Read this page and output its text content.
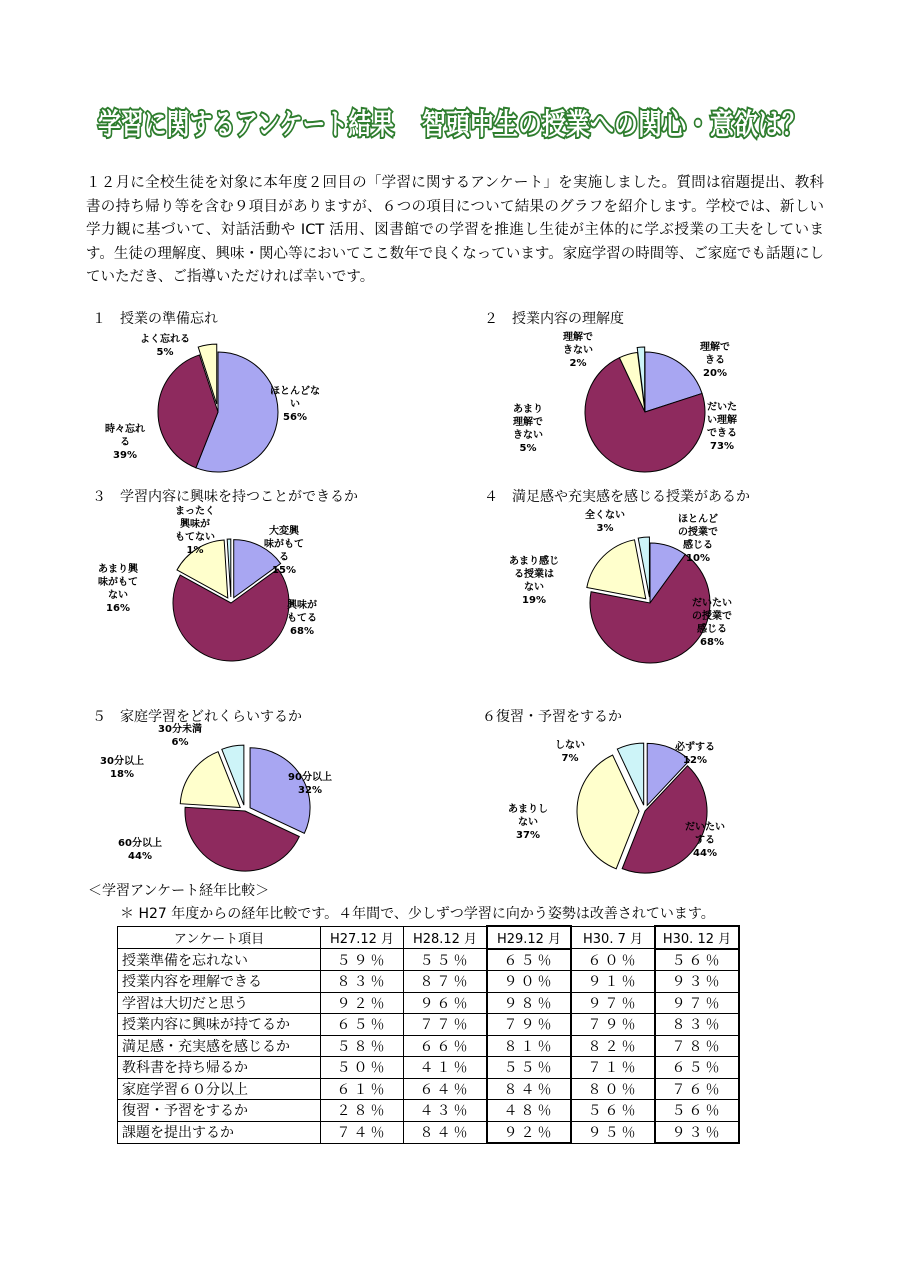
学習に関するアンケート結果 智頭中生の授業への関心・意欲は？
１２月に全校生徒を対象に本年度２回目の「学習に関するアンケート」を実施しました。質問は宿題提出、教科書の持ち帰り等を含む９項目がありますが、６つの項目について結果のグラフを紹介します。学校では、新しい学力観に基づいて、対話活動や ICT 活用、図書館での学習を推進し生徒が主体的に学ぶ授業の工夫をしています。生徒の理解度、興味・関心等においてここ数年で良くなっています。家庭学習の時間等、ご家庭でも話題にしていただき、ご指導いただければ幸いです。
１　授業の準備忘れ	２　授業内容の理解度
３　学習内容に興味を持つことができるか	４　満足感や充実感を感じる授業があるか
５　家庭学習をどれくらいするか	６復習・予習をするか
ほとんどない 56%
時々忘れる 39%
よく忘れる 5%	理解できる 20%
だいたい理解できる 73%
あまり理解できない 5%
理解できない 2%
大変興味がもてる 15%
興味がもてる 68%
あまり興味がもてない 16%
まったく興味がもてない 1%
ほとんどの授業で感じる 10%
だいたいの授業で感じる 68%
あまり感じる授業はない 19%
全くない 3%
90分以上 32%
60分以上 44%
30分以上 18%
30分未満 6%	必ずする 12%
だいたいする 44%
あまりしない 37%
しない 7%
＜学習アンケート経年比較＞
＊ H27 年度からの経年比較です。４年間で、少しずつ学習に向かう姿勢は改善されています。
アンケート項目	H27.12 月	H28.12 月	H29.12 月	H30. 7 月	H30. 12 月
授業準備を忘れない	５９％	５５％	６５％	６０％	５６％
授業内容を理解できる	８３％	８７％	９０％	９１％	９３％
学習は大切だと思う	９２％	９６％	９８％	９７％	９７％
授業内容に興味が持てるか	６５％	７７％	７９％	７９％	８３％
満足感・充実感を感じるか	５８％	６６％	８１％	８２％	７８％
教科書を持ち帰るか	５０％	４１％	５５％	７１％	６５％
家庭学習６０分以上	６１％	６４％	８４％	８０％	７６％
復習・予習をするか	２８％	４３％	４８％	５６％	５６％
課題を提出するか	７４％	８４％	９２％	９５％	９３％
